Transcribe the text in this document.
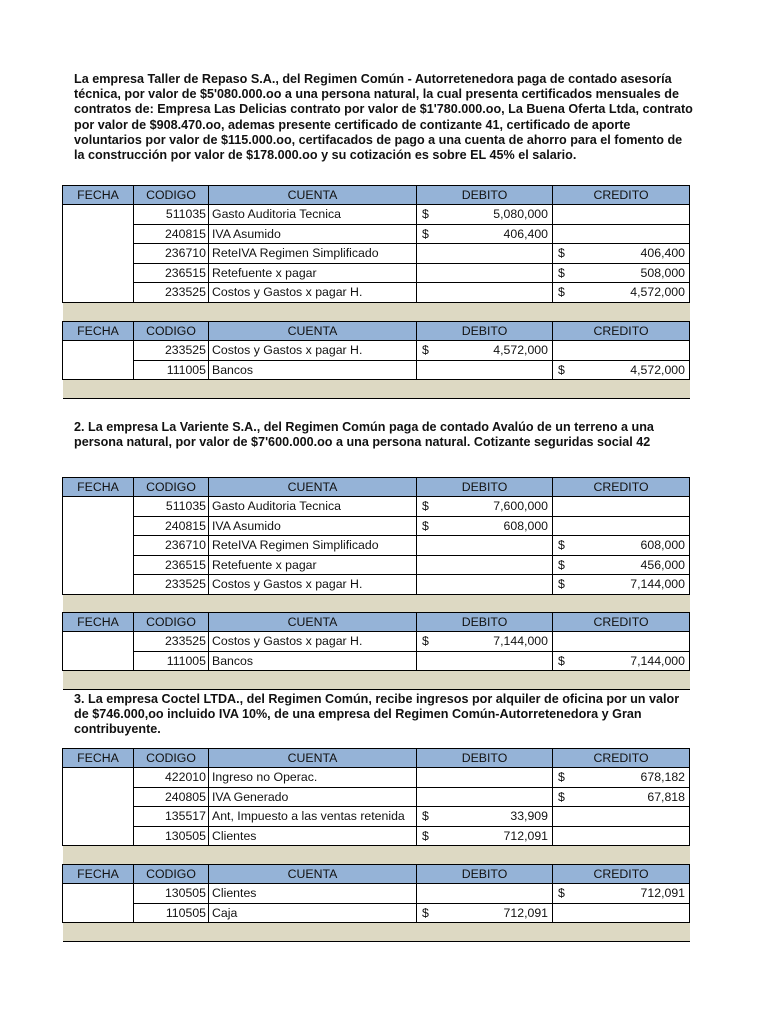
La empresa Taller de Repaso S.A., del Regimen Común - Autorretenedora paga de contado asesoría técnica, por valor de $5'080.000.oo a una persona natural, la cual presenta certificados mensuales de contratos de: Empresa Las Delicias contrato por valor de $1'780.000.oo, La Buena Oferta Ltda, contrato por valor de $908.470.oo, ademas presente certificado de contizante 41, certificado de aporte voluntarios por valor de $115.000.oo, certifacados de pago a una cuenta de ahorro para el fomento de la construcción por valor de $178.000.oo y su cotización es sobre EL 45% el salario.

FECHA	CODIGO	CUENTA	DEBITO	CREDITO
	511035	Gasto Auditoria Tecnica	$ 5,080,000	

	240815	IVA Asumido	$ 406,400	

	236710	ReteIVA Regimen Simplificado		$ 406,400

	236515	Retefuente x pagar		$ 508,000

	233525	Costos y Gastos x pagar H.		$ 4,572,000

FECHA	CODIGO	CUENTA	DEBITO	CREDITO
	233525	Costos y Gastos x pagar H.	$ 4,572,000	

	111005	Bancos		$ 4,572,000

2. La empresa La Variente S.A., del Regimen Común paga de contado Avalúo de un terreno a una persona natural, por valor de $7'600.000.oo a una persona natural. Cotizante seguridas social 42

FECHA	CODIGO	CUENTA	DEBITO	CREDITO
	511035	Gasto Auditoria Tecnica	$ 7,600,000	

	240815	IVA Asumido	$ 608,000	

	236710	ReteIVA Regimen Simplificado		$ 608,000

	236515	Retefuente x pagar		$ 456,000

	233525	Costos y Gastos x pagar H.		$ 7,144,000

FECHA	CODIGO	CUENTA	DEBITO	CREDITO
	233525	Costos y Gastos x pagar H.	$ 7,144,000	

	111005	Bancos		$ 7,144,000

3. La empresa Coctel LTDA., del Regimen Común, recibe ingresos por alquiler de oficina por un valor de $746.000,oo incluido IVA 10%, de una empresa del Regimen Común-Autorretenedora y Gran contribuyente.

FECHA	CODIGO	CUENTA	DEBITO	CREDITO
	422010	Ingreso no Operac.		$ 678,182

	240805	IVA Generado		$ 67,818

	135517	Ant, Impuesto a las ventas retenida	$ 33,909	

	130505	Clientes	$ 712,091	

FECHA	CODIGO	CUENTA	DEBITO	CREDITO
	130505	Clientes		$ 712,091

	110505	Caja	$ 712,091	
